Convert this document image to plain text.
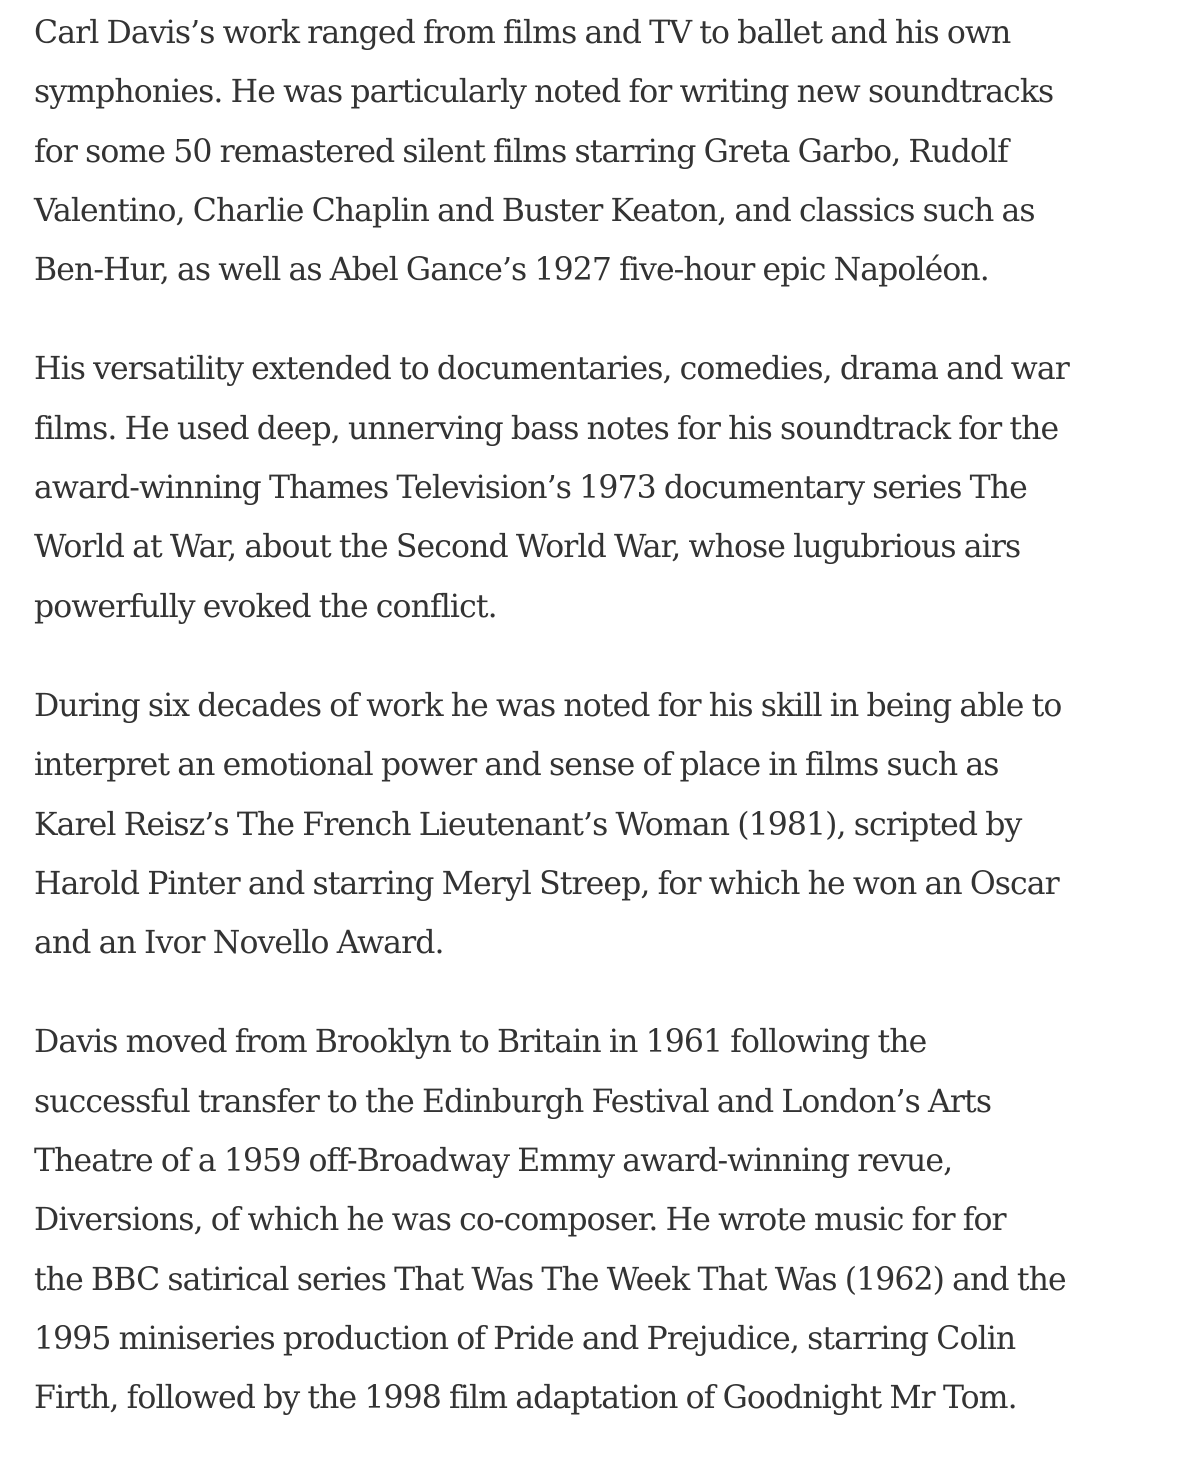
Carl Davis’s work ranged from films and TV to ballet and his own
symphonies. He was particularly noted for writing new soundtracks
for some 50 remastered silent films starring Greta Garbo, Rudolf
Valentino, Charlie Chaplin and Buster Keaton, and classics such as
Ben-Hur, as well as Abel Gance’s 1927 five-hour epic Napoléon.

His versatility extended to documentaries, comedies, drama and war
films. He used deep, unnerving bass notes for his soundtrack for the
award-winning Thames Television’s 1973 documentary series The
World at War, about the Second World War, whose lugubrious airs
powerfully evoked the conflict.

During six decades of work he was noted for his skill in being able to
interpret an emotional power and sense of place in films such as
Karel Reisz’s The French Lieutenant’s Woman (1981), scripted by
Harold Pinter and starring Meryl Streep, for which he won an Oscar
and an Ivor Novello Award.

Davis moved from Brooklyn to Britain in 1961 following the
successful transfer to the Edinburgh Festival and London’s Arts
Theatre of a 1959 off-Broadway Emmy award-winning revue,
Diversions, of which he was co-composer. He wrote music for for
the BBC satirical series That Was The Week That Was (1962) and the
1995 miniseries production of Pride and Prejudice, starring Colin
Firth, followed by the 1998 film adaptation of Goodnight Mr Tom.
